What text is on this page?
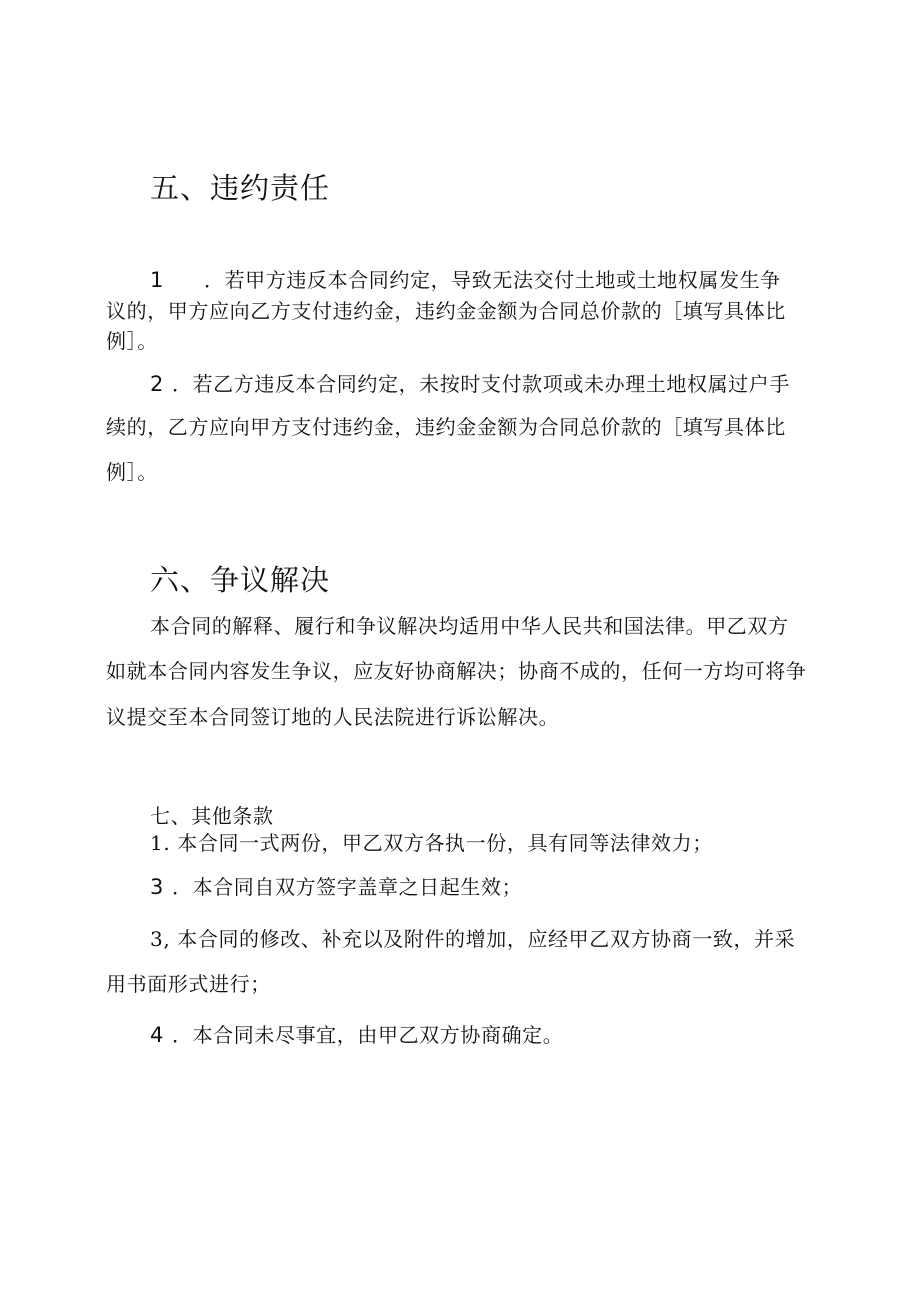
五、违约责任
1 ．若甲方违反本合同约定，导致无法交付土地或土地权属发生争
议的，甲方应向乙方支付违约金，违约金金额为合同总价款的［填写具体比
例］。
2 ．若乙方违反本合同约定，未按时支付款项或未办理土地权属过户手
续的，乙方应向甲方支付违约金，违约金金额为合同总价款的［填写具体比
例］。
六、争议解决
本合同的解释、履行和争议解决均适用中华人民共和国法律。甲乙双方
如就本合同内容发生争议，应友好协商解决；协商不成的，任何一方均可将争
议提交至本合同签订地的人民法院进行诉讼解决。
七、其他条款
1. 本合同一式两份，甲乙双方各执一份，具有同等法律效力；
3 ．本合同自双方签字盖章之日起生效；
3, 本合同的修改、补充以及附件的增加，应经甲乙双方协商一致，并采
用书面形式进行；
4 ．本合同未尽事宜，由甲乙双方协商确定。
